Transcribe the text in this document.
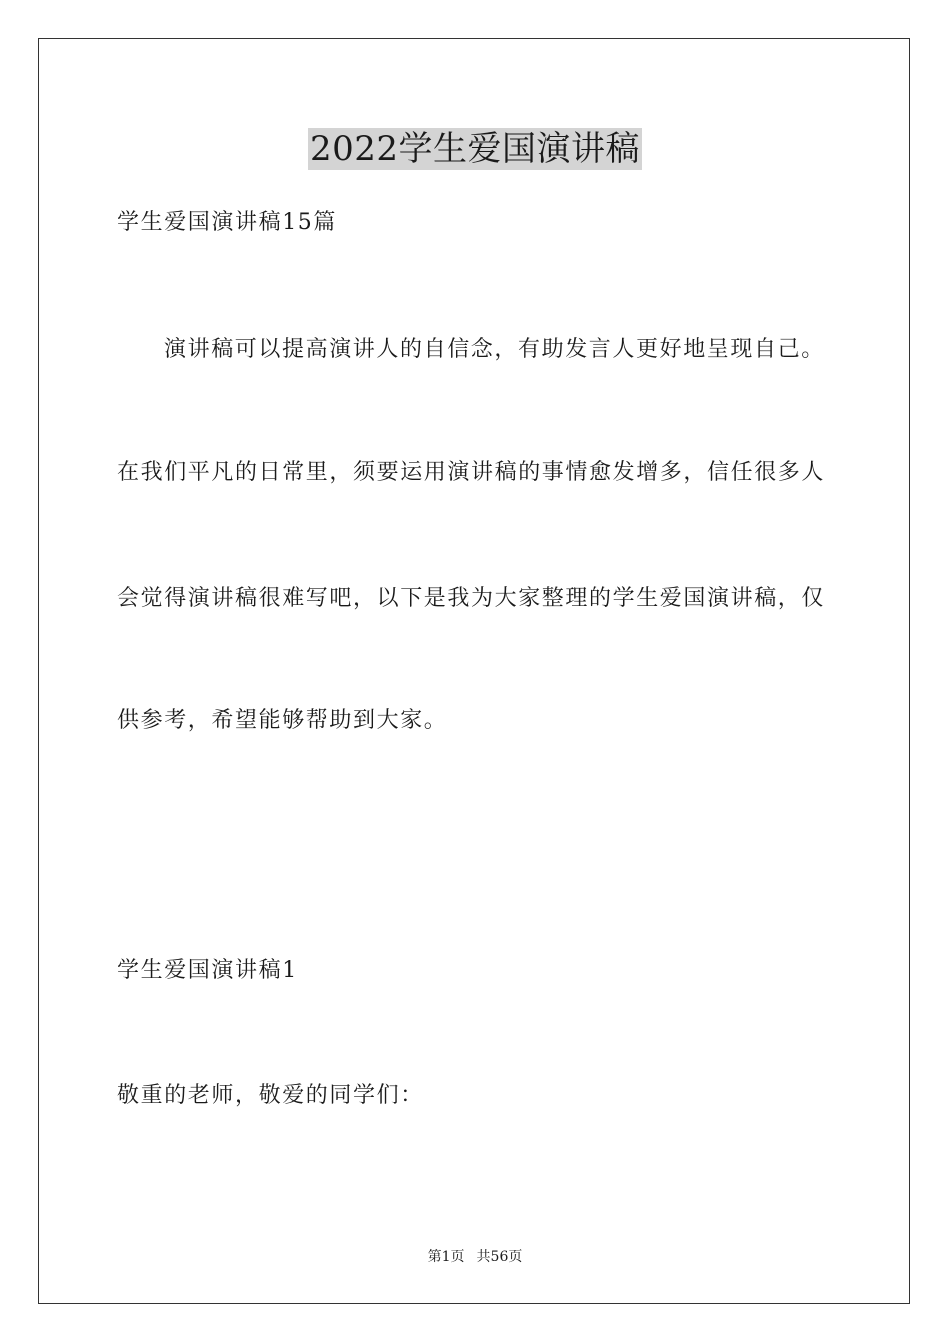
2022学生爱国演讲稿
学生爱国演讲稿15篇
演讲稿可以提高演讲人的自信念，有助发言人更好地呈现自己。
在我们平凡的日常里，须要运用演讲稿的事情愈发增多，信任很多人
会觉得演讲稿很难写吧，以下是我为大家整理的学生爱国演讲稿，仅
供参考，希望能够帮助到大家。
学生爱国演讲稿1
敬重的老师，敬爱的同学们：
第1页 共56页
